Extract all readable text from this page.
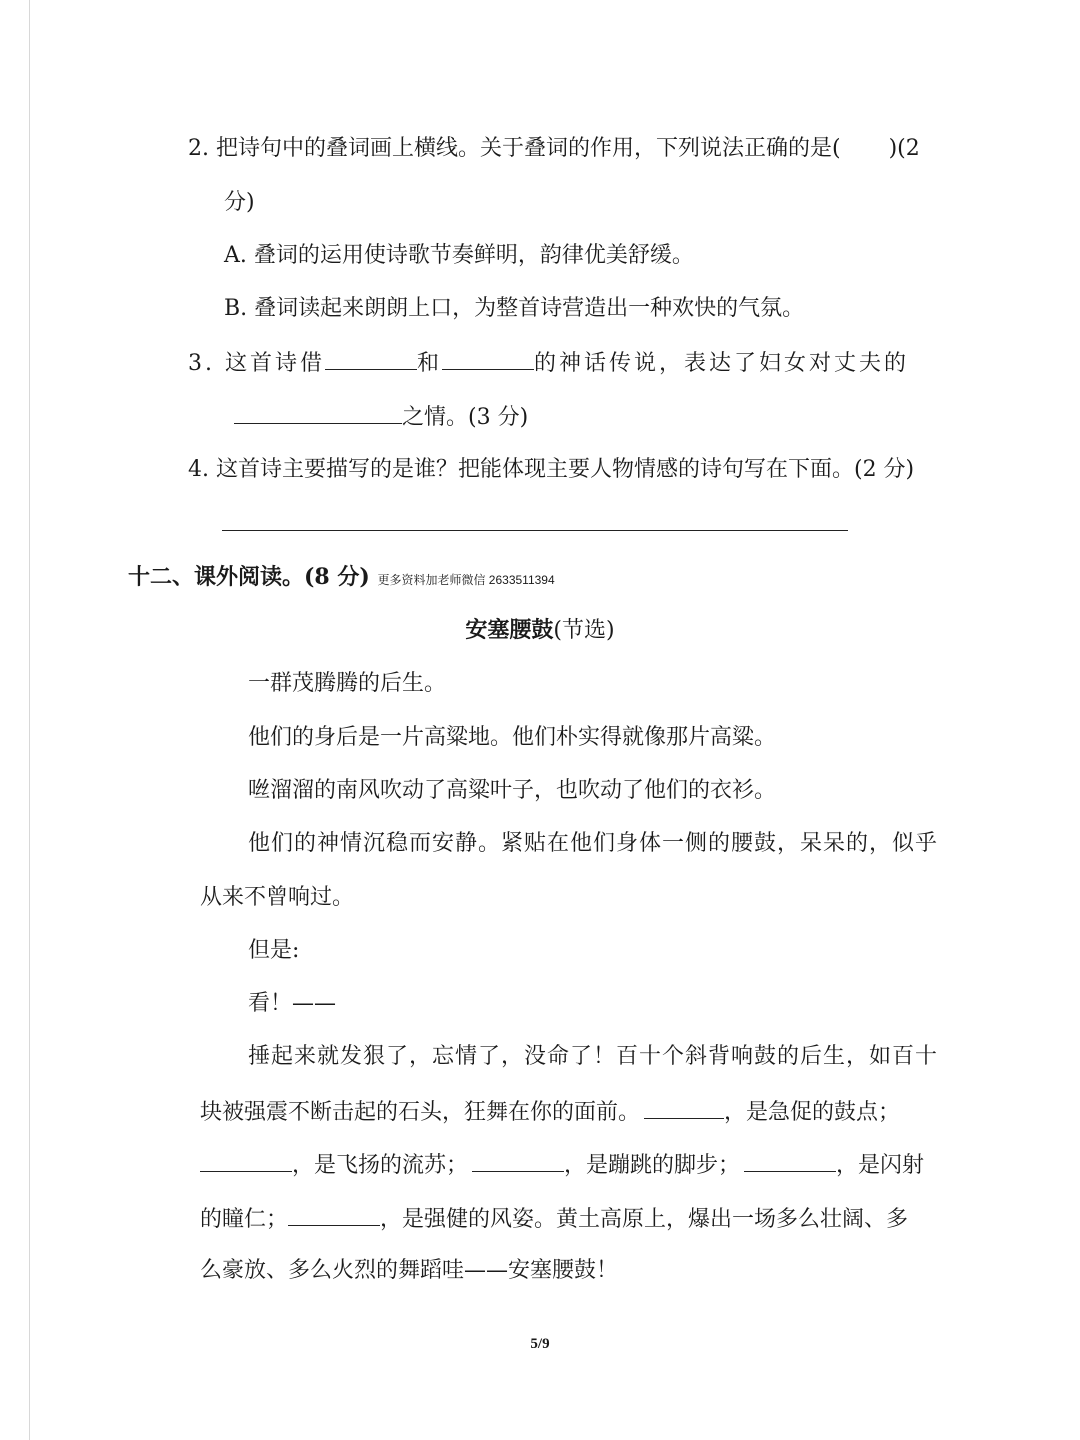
2. 把诗句中的叠词画上横线。关于叠词的作用，下列说法正确的是( )(2
分)
A. 叠词的运用使诗歌节奏鲜明，韵律优美舒缓。
B. 叠词读起来朗朗上口，为整首诗营造出一种欢快的气氛。
3. 这首诗借	和	的神话传说，表达了妇女对丈夫的
之情。(3 分)
4. 这首诗主要描写的是谁？把能体现主要人物情感的诗句写在下面。(2 分)
十二、课外阅读。(8 分) 更多资料加老师微信 2633511394
安塞腰鼓(节选)
一群茂腾腾的后生。
他们的身后是一片高粱地。他们朴实得就像那片高粱。
咝溜溜的南风吹动了高粱叶子，也吹动了他们的衣衫。
他们的神情沉稳而安静。紧贴在他们身体一侧的腰鼓，呆呆的，似乎
从来不曾响过。
但是:
看！——
捶起来就发狠了，忘情了，没命了！百十个斜背响鼓的后生，如百十
块被强震不断击起的石头，狂舞在你的面前。	，是急促的鼓点；
，是飞扬的流苏；	，是蹦跳的脚步；	，是闪射
的瞳仁；	，是强健的风姿。黄土高原上，爆出一场多么壮阔、多
么豪放、多么火烈的舞蹈哇——安塞腰鼓！
5/9
